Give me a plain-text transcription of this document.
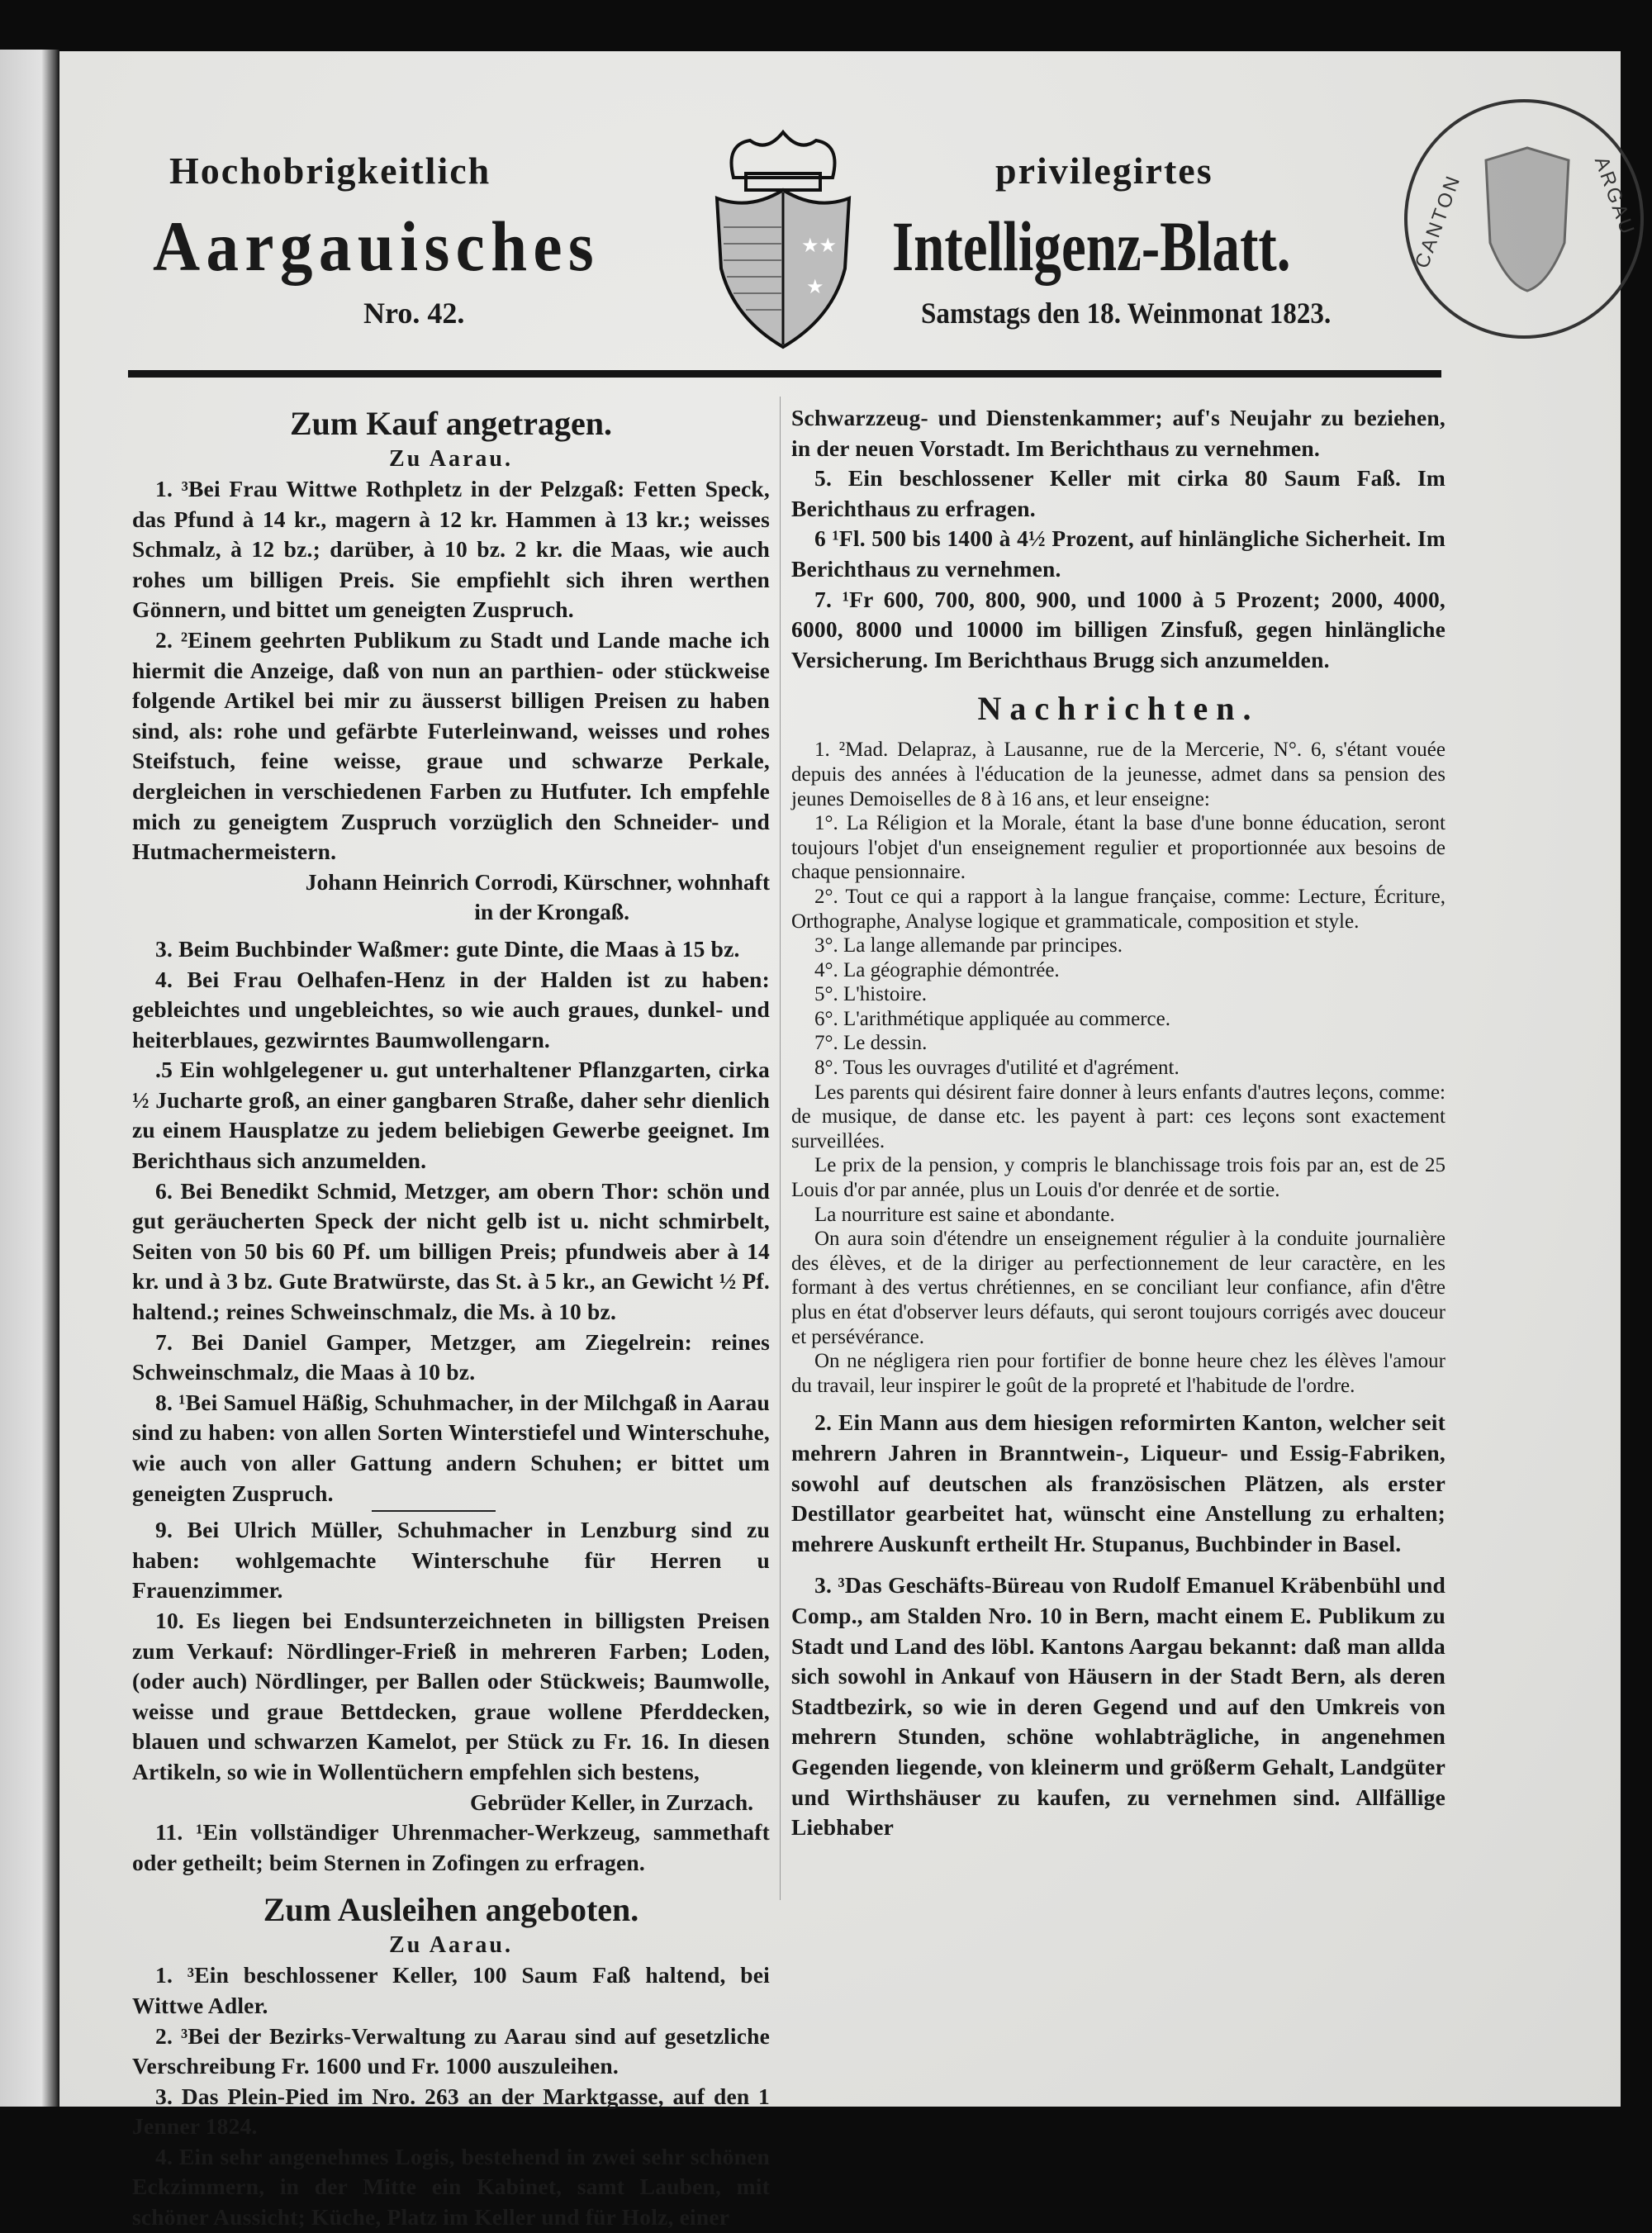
Hochobrigkeitlich	privilegirtes
Aargauisches	Intelligenz-Blatt.
Nro. 42.	Samstags den 18. Weinmonat 1823.
★★
★
CANTON	ARGAU

Zum Kauf angetragen.

Zu Aarau.

1. ³Bei Frau Wittwe Rothpletz in der Pelzgaß: Fetten Speck, das Pfund à 14 kr., magern à 12 kr. Hammen à 13 kr.; weisses Schmalz, à 12 bz.; darüber, à 10 bz. 2 kr. die Maas, wie auch rohes um billigen Preis. Sie empfiehlt sich ihren werthen Gönnern, und bittet um geneigten Zuspruch.

2. ²Einem geehrten Publikum zu Stadt und Lande mache ich hiermit die Anzeige, daß von nun an parthien- oder stückweise folgende Artikel bei mir zu äusserst billigen Preisen zu haben sind, als: rohe und gefärbte Futerleinwand, weisses und rohes Steifstuch, feine weisse, graue und schwarze Perkale, dergleichen in verschiedenen Farben zu Hutfuter. Ich empfehle mich zu geneigtem Zuspruch vorzüglich den Schneider- und Hutmachermeistern.

Johann Heinrich Corrodi, Kürschner, wohnhaft

in der Krongaß.

3. Beim Buchbinder Waßmer: gute Dinte, die Maas à 15 bz.

4. Bei Frau Oelhafen-Henz in der Halden ist zu haben: gebleichtes und ungebleichtes, so wie auch graues, dunkel- und heiterblaues, gezwirntes Baumwollengarn.

.5 Ein wohlgelegener u. gut unterhaltener Pflanzgarten, cirka ½ Jucharte groß, an einer gangbaren Straße, daher sehr dienlich zu einem Hausplatze zu jedem beliebigen Gewerbe geeignet. Im Berichthaus sich anzumelden.

6. Bei Benedikt Schmid, Metzger, am obern Thor: schön und gut geräucherten Speck der nicht gelb ist u. nicht schmirbelt, Seiten von 50 bis 60 Pf. um billigen Preis; pfundweis aber à 14 kr. und à 3 bz. Gute Bratwürste, das St. à 5 kr., an Gewicht ½ Pf. haltend.; reines Schweinschmalz, die Ms. à 10 bz.

7. Bei Daniel Gamper, Metzger, am Ziegelrein: reines Schweinschmalz, die Maas à 10 bz.

8. ¹Bei Samuel Häßig, Schuhmacher, in der Milchgaß in Aarau sind zu haben: von allen Sorten Winterstiefel und Winterschuhe, wie auch von aller Gattung andern Schuhen; er bittet um geneigten Zuspruch.

9. Bei Ulrich Müller, Schuhmacher in Lenzburg sind zu haben: wohlgemachte Winterschuhe für Herren u Frauenzimmer.

10. Es liegen bei Endsunterzeichneten in billigsten Preisen zum Verkauf: Nördlinger-Frieß in mehreren Farben; Loden, (oder auch) Nördlinger, per Ballen oder Stückweis; Baumwolle, weisse und graue Bettdecken, graue wollene Pferddecken, blauen und schwarzen Kamelot, per Stück zu Fr. 16. In diesen Artikeln, so wie in Wollentüchern empfehlen sich bestens,

Gebrüder Keller, in Zurzach.

11. ¹Ein vollständiger Uhrenmacher-Werkzeug, sammethaft oder getheilt; beim Sternen in Zofingen zu erfragen.

Zum Ausleihen angeboten.

Zu Aarau.

1. ³Ein beschlossener Keller, 100 Saum Faß haltend, bei Wittwe Adler.

2. ³Bei der Bezirks-Verwaltung zu Aarau sind auf gesetzliche Verschreibung Fr. 1600 und Fr. 1000 auszuleihen.

3. Das Plein-Pied im Nro. 263 an der Marktgasse, auf den 1 Jenner 1824.

4. Ein sehr angenehmes Logis, bestehend in zwei sehr schönen Eckzimmern, in der Mitte ein Kabinet, samt Lauben, mit schöner Aussicht; Küche, Platz im Keller und für Holz, einer

Schwarzzeug- und Dienstenkammer; auf's Neujahr zu beziehen, in der neuen Vorstadt. Im Berichthaus zu vernehmen.

5. Ein beschlossener Keller mit cirka 80 Saum Faß. Im Berichthaus zu erfragen.

6 ¹Fl. 500 bis 1400 à 4½ Prozent, auf hinlängliche Sicherheit. Im Berichthaus zu vernehmen.

7. ¹Fr 600, 700, 800, 900, und 1000 à 5 Prozent; 2000, 4000, 6000, 8000 und 10000 im billigen Zinsfuß, gegen hinlängliche Versicherung. Im Berichthaus Brugg sich anzumelden.

Nachrichten.

1. ²Mad. Delapraz, à Lausanne, rue de la Mercerie, N°. 6, s'étant vouée depuis des années à l'éducation de la jeunesse, admet dans sa pension des jeunes Demoiselles de 8 à 16 ans, et leur enseigne:

1°. La Réligion et la Morale, étant la base d'une bonne éducation, seront toujours l'objet d'un enseignement regulier et proportionnée aux besoins de chaque pensionnaire.

2°. Tout ce qui a rapport à la langue française, comme: Lecture, Écriture, Orthographe, Analyse logique et grammaticale, composition et style.

3°. La lange allemande par principes.

4°. La géographie démontrée.

5°. L'histoire.

6°. L'arithmétique appliquée au commerce.

7°. Le dessin.

8°. Tous les ouvrages d'utilité et d'agrément.

Les parents qui désirent faire donner à leurs enfants d'autres leçons, comme: de musique, de danse etc. les payent à part: ces leçons sont exactement surveillées.

Le prix de la pension, y compris le blanchissage trois fois par an, est de 25 Louis d'or par année, plus un Louis d'or denrée et de sortie.

La nourriture est saine et abondante.

On aura soin d'étendre un enseignement régulier à la conduite journalière des élèves, et de la diriger au perfectionnement de leur caractère, en les formant à des vertus chrétiennes, en se conciliant leur confiance, afin d'être plus en état d'observer leurs défauts, qui seront toujours corrigés avec douceur et persévérance.

On ne négligera rien pour fortifier de bonne heure chez les élèves l'amour du travail, leur inspirer le goût de la propreté et l'habitude de l'ordre.

2. Ein Mann aus dem hiesigen reformirten Kanton, welcher seit mehrern Jahren in Branntwein-, Liqueur- und Essig-Fabriken, sowohl auf deutschen als französischen Plätzen, als erster Destillator gearbeitet hat, wünscht eine Anstellung zu erhalten; mehrere Auskunft ertheilt Hr. Stupanus, Buchbinder in Basel.

3. ³Das Geschäfts-Büreau von Rudolf Emanuel Kräbenbühl und Comp., am Stalden Nro. 10 in Bern, macht einem E. Publikum zu Stadt und Land des löbl. Kantons Aargau bekannt: daß man allda sich sowohl in Ankauf von Häusern in der Stadt Bern, als deren Stadtbezirk, so wie in deren Gegend und auf den Umkreis von mehrern Stunden, schöne wohlabträgliche, in angenehmen Gegenden liegende, von kleinerm und größerm Gehalt, Landgüter und Wirthshäuser zu kaufen, zu vernehmen sind. Allfällige Liebhaber
